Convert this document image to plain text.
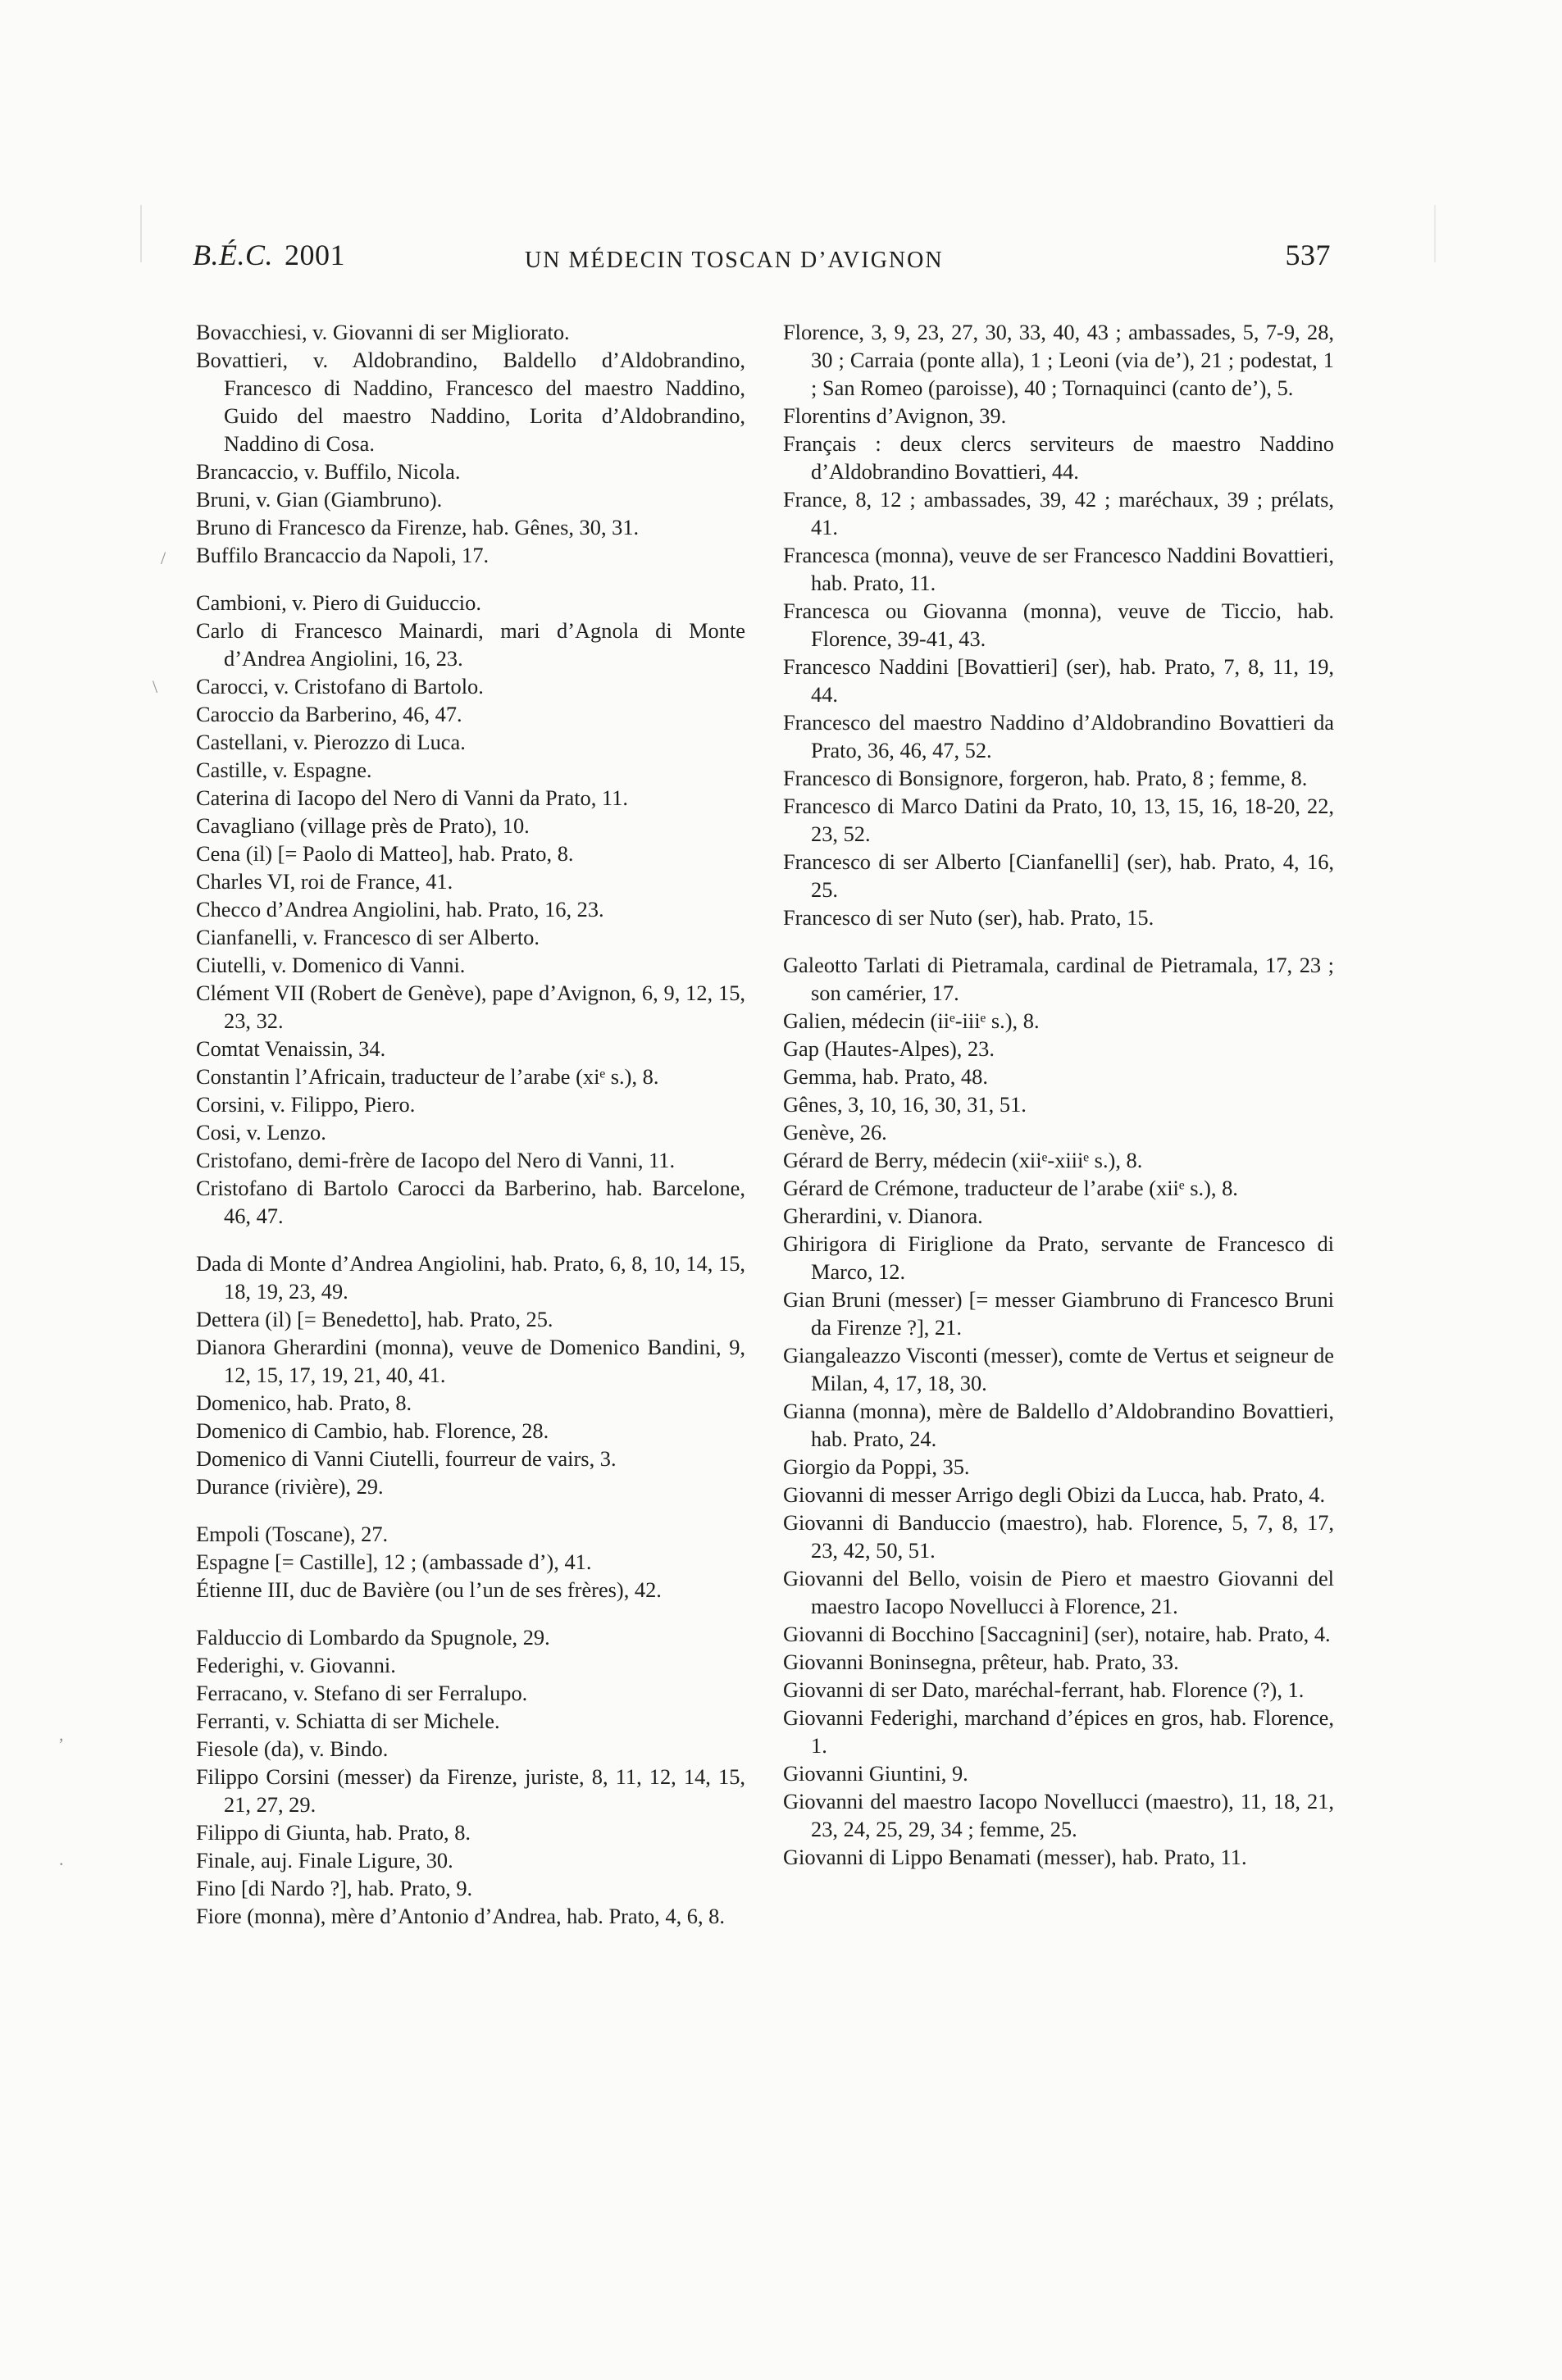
/
\
,
.
B.É.C. 2001	UN MÉDECIN TOSCAN D’AVIGNON	537
Bovacchiesi, v. Giovanni di ser Migliorato.
Bovattieri, v. Aldobrandino, Baldello d’Aldobrandino, Francesco di Naddino, Francesco del maestro Naddino, Guido del maestro Naddino, Lorita d’Aldobrandino, Naddino di Cosa.
Brancaccio, v. Buffilo, Nicola.
Bruni, v. Gian (Giambruno).
Bruno di Francesco da Firenze, hab. Gênes, 30, 31.
Buffilo Brancaccio da Napoli, 17.
Cambioni, v. Piero di Guiduccio.
Carlo di Francesco Mainardi, mari d’Agnola di Monte d’Andrea Angiolini, 16, 23.
Carocci, v. Cristofano di Bartolo.
Caroccio da Barberino, 46, 47.
Castellani, v. Pierozzo di Luca.
Castille, v. Espagne.
Caterina di Iacopo del Nero di Vanni da Prato, 11.
Cavagliano (village près de Prato), 10.
Cena (il) [= Paolo di Matteo], hab. Prato, 8.
Charles VI, roi de France, 41.
Checco d’Andrea Angiolini, hab. Prato, 16, 23.
Cianfanelli, v. Francesco di ser Alberto.
Ciutelli, v. Domenico di Vanni.
Clément VII (Robert de Genève), pape d’Avignon, 6, 9, 12, 15, 23, 32.
Comtat Venaissin, 34.
Constantin l’Africain, traducteur de l’arabe (xiᵉ s.), 8.
Corsini, v. Filippo, Piero.
Cosi, v. Lenzo.
Cristofano, demi-frère de Iacopo del Nero di Vanni, 11.
Cristofano di Bartolo Carocci da Barberino, hab. Barcelone, 46, 47.
Dada di Monte d’Andrea Angiolini, hab. Prato, 6, 8, 10, 14, 15, 18, 19, 23, 49.
Dettera (il) [= Benedetto], hab. Prato, 25.
Dianora Gherardini (monna), veuve de Domenico Bandini, 9, 12, 15, 17, 19, 21, 40, 41.
Domenico, hab. Prato, 8.
Domenico di Cambio, hab. Florence, 28.
Domenico di Vanni Ciutelli, fourreur de vairs, 3.
Durance (rivière), 29.
Empoli (Toscane), 27.
Espagne [= Castille], 12 ; (ambassade d’), 41.
Étienne III, duc de Bavière (ou l’un de ses frères), 42.
Falduccio di Lombardo da Spugnole, 29.
Federighi, v. Giovanni.
Ferracano, v. Stefano di ser Ferralupo.
Ferranti, v. Schiatta di ser Michele.
Fiesole (da), v. Bindo.
Filippo Corsini (messer) da Firenze, juriste, 8, 11, 12, 14, 15, 21, 27, 29.
Filippo di Giunta, hab. Prato, 8.
Finale, auj. Finale Ligure, 30.
Fino [di Nardo ?], hab. Prato, 9.
Fiore (monna), mère d’Antonio d’Andrea, hab. Prato, 4, 6, 8.
Florence, 3, 9, 23, 27, 30, 33, 40, 43 ; ambassades, 5, 7-9, 28, 30 ; Carraia (ponte alla), 1 ; Leoni (via de’), 21 ; podestat, 1 ; San Romeo (paroisse), 40 ; Tornaquinci (canto de’), 5.
Florentins d’Avignon, 39.
Français : deux clercs serviteurs de maestro Naddino d’Aldobrandino Bovattieri, 44.
France, 8, 12 ; ambassades, 39, 42 ; maréchaux, 39 ; prélats, 41.
Francesca (monna), veuve de ser Francesco Naddini Bovattieri, hab. Prato, 11.
Francesca ou Giovanna (monna), veuve de Ticcio, hab. Florence, 39-41, 43.
Francesco Naddini [Bovattieri] (ser), hab. Prato, 7, 8, 11, 19, 44.
Francesco del maestro Naddino d’Aldobrandino Bovattieri da Prato, 36, 46, 47, 52.
Francesco di Bonsignore, forgeron, hab. Prato, 8 ; femme, 8.
Francesco di Marco Datini da Prato, 10, 13, 15, 16, 18-20, 22, 23, 52.
Francesco di ser Alberto [Cianfanelli] (ser), hab. Prato, 4, 16, 25.
Francesco di ser Nuto (ser), hab. Prato, 15.
Galeotto Tarlati di Pietramala, cardinal de Pietramala, 17, 23 ; son camérier, 17.
Galien, médecin (iiᵉ-iiiᵉ s.), 8.
Gap (Hautes-Alpes), 23.
Gemma, hab. Prato, 48.
Gênes, 3, 10, 16, 30, 31, 51.
Genève, 26.
Gérard de Berry, médecin (xiiᵉ-xiiiᵉ s.), 8.
Gérard de Crémone, traducteur de l’arabe (xiiᵉ s.), 8.
Gherardini, v. Dianora.
Ghirigora di Firiglione da Prato, servante de Francesco di Marco, 12.
Gian Bruni (messer) [= messer Giambruno di Francesco Bruni da Firenze ?], 21.
Giangaleazzo Visconti (messer), comte de Vertus et seigneur de Milan, 4, 17, 18, 30.
Gianna (monna), mère de Baldello d’Aldobrandino Bovattieri, hab. Prato, 24.
Giorgio da Poppi, 35.
Giovanni di messer Arrigo degli Obizi da Lucca, hab. Prato, 4.
Giovanni di Banduccio (maestro), hab. Florence, 5, 7, 8, 17, 23, 42, 50, 51.
Giovanni del Bello, voisin de Piero et maestro Giovanni del maestro Iacopo Novellucci à Florence, 21.
Giovanni di Bocchino [Saccagnini] (ser), notaire, hab. Prato, 4.
Giovanni Boninsegna, prêteur, hab. Prato, 33.
Giovanni di ser Dato, maréchal-ferrant, hab. Florence (?), 1.
Giovanni Federighi, marchand d’épices en gros, hab. Florence, 1.
Giovanni Giuntini, 9.
Giovanni del maestro Iacopo Novellucci (maestro), 11, 18, 21, 23, 24, 25, 29, 34 ; femme, 25.
Giovanni di Lippo Benamati (messer), hab. Prato, 11.
